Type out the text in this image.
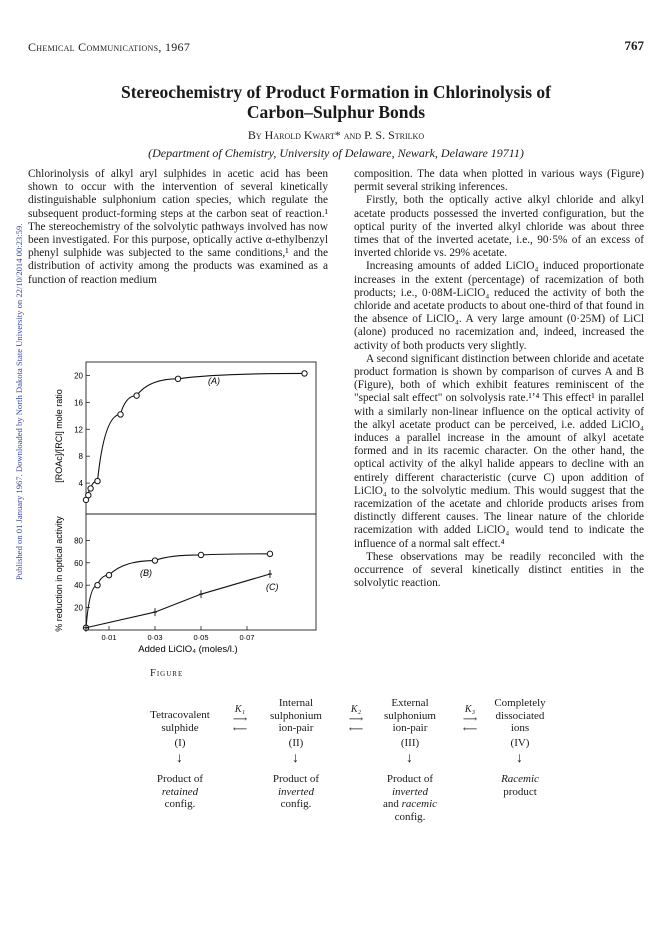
Published on 01 January 1967. Downloaded by North Dakota State University on 22/10/2014 00:23:59.
Chemical Communications, 1967	767
Stereochemistry of Product Formation in Chlorinolysis of
Carbon–Sulphur Bonds
By Harold Kwart* and P. S. Strilko
(Department of Chemistry, University of Delaware, Newark, Delaware 19711)

Chlorinolysis of alkyl aryl sulphides in acetic acid has been shown to occur with the intervention of several kinetically distinguishable sulphonium cation species, which regulate the subsequent product-forming steps at the carbon seat of reaction.¹ The stereochemistry of the solvolytic pathways involved has now been investigated. For this purpose, optically active α-ethylbenzyl phenyl sulphide was subjected to the same conditions,¹ and the distribution of activity among the products was examined as a function of reaction medium

composition. The data when plotted in various ways (Figure) permit several striking inferences.

Firstly, both the optically active alkyl chloride and alkyl acetate products possessed the inverted configuration, but the optical purity of the inverted alkyl chloride was about three times that of the inverted acetate, i.e., 90·5% of an excess of inverted chloride vs. 29% acetate.

Increasing amounts of added LiClO₄ induced proportionate increases in the extent (percentage) of racemization of both products; i.e., 0·08M-LiClO₄ reduced the activity of both the chloride and acetate products to about one-third of that found in the absence of LiClO₄. A very large amount (0·25M) of LiCl (alone) produced no racemization and, indeed, increased the activity of both products very slightly.

A second significant distinction between chloride and acetate product formation is shown by comparison of curves A and B (Figure), both of which exhibit features reminiscent of the "special salt effect" on solvolysis rate.¹ʼ⁴ This effect¹ in parallel with a similarly non-linear influence on the optical activity of the alkyl acetate product can be perceived, i.e. added LiClO₄ induces a parallel increase in the amount of alkyl acetate formed and in its racemic character. On the other hand, the optical activity of the alkyl halide appears to decline with an entirely different characteristic (curve C) upon addition of LiClO₄ to the solvolytic medium. This would suggest that the racemization of the acetate and chloride products arises from distinctly different causes. The linear nature of the chloride racemization with added LiClO₄ would tend to indicate the influence of a normal salt effect.⁴

These observations may be readily reconciled with the occurrence of several kinetically distinct entities in the solvolytic reaction.

4
8
12
16
20
[ROAc]/[RCl] mole ratio
20
40
60
80
% reduction in optical activity
(A)
(B)
(C)
0·01	0·03	0·05	0·07
Added LiClO₄ (moles/l.)
Figure
Tetracovalent
sulphide
(I)
↓
Product of
retained
config.
Internal
sulphonium
ion-pair
(II)
↓
Product of
inverted
config.
External
sulphonium
ion-pair
(III)
↓
Product of
inverted
and racemic
config.
Completely
dissociated
ions
(IV)
↓
Racemic
product
K₁
⟶
⟵
K₂
⟶
⟵
K₃
⟶
⟵
